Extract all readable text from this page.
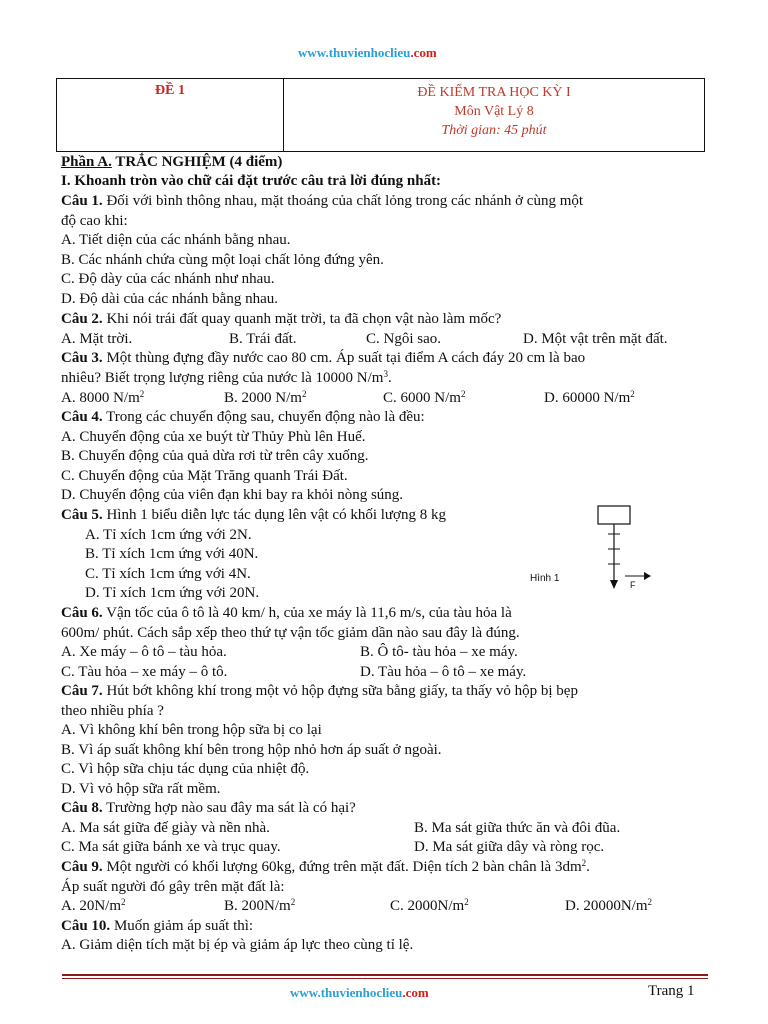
www.thuvienhoclieu.com
ĐỀ 1	ĐỀ KIỂM TRA HỌC KỲ I
Môn Vật Lý 8
Thời gian: 45 phút
Phần A. TRẮC NGHIỆM (4 điểm)
I. Khoanh tròn vào chữ cái đặt trước câu trả lời đúng nhất:
Câu 1. Đối với bình thông nhau, mặt thoáng của chất lỏng trong các nhánh ở cùng một
độ cao khi:
A. Tiết diện của các nhánh bằng nhau.
B. Các nhánh chứa cùng một loại chất lỏng đứng yên.
C. Độ dày của các nhánh như nhau.
D. Độ dài của các nhánh bằng nhau.
Câu 2. Khi nói trái đất quay quanh mặt trời, ta đã chọn vật nào làm mốc?
A. Mặt trời.	B. Trái đất.	C. Ngôi sao.	D. Một vật trên mặt đất.
Câu 3. Một thùng đựng đầy nước cao 80 cm. Áp suất tại điểm A cách đáy 20 cm là bao
nhiêu? Biết trọng lượng riêng của nước là 10000 $N/m^3$.
A. 8000 $N/m^2$	B. 2000 $N/m^2$	C. 6000 $N/m^2$	D. 60000 $N/m^2$
Câu 4. Trong các chuyển động sau, chuyển động nào là đều:
A. Chuyển động của xe buýt từ Thủy Phù lên Huế.
B. Chuyển động của quả dừa rơi từ trên cây xuống.
C. Chuyển động của Mặt Trăng quanh Trái Đất.
D. Chuyển động của viên đạn khi bay ra khỏi nòng súng.
Câu 5. Hình 1 biểu diễn lực tác dụng lên vật có khối lượng 8 kg
A. Tỉ xích 1cm ứng với 2N.
B. Tỉ xích 1cm ứng với 40N.
C. Tỉ xích 1cm ứng với 4N.
D. Tỉ xích 1cm ứng với 20N.
Hình 1
F
Câu 6. Vận tốc của ô tô là 40 km/ h, của xe máy là 11,6 m/s, của tàu hỏa là
600m/ phút. Cách sắp xếp theo thứ tự vận tốc giảm dần nào sau đây là đúng.
A. Xe máy – ô tô – tàu hỏa.	B. Ô tô- tàu hỏa – xe máy.
C. Tàu hỏa – xe máy – ô tô.	D. Tàu hỏa – ô tô – xe máy.
Câu 7. Hút bớt không khí trong một vỏ hộp đựng sữa bằng giấy, ta thấy vỏ hộp bị bẹp
theo nhiều phía ?
A. Vì không khí bên trong hộp sữa bị co lại
B. Vì áp suất không khí bên trong hộp nhỏ hơn áp suất ở ngoài.
C. Vì hộp sữa chịu tác dụng của nhiệt độ.
D. Vì vỏ hộp sữa rất mềm.
Câu 8. Trường hợp nào sau đây ma sát là có hại?
A. Ma sát giữa đế giày và nền nhà.	B. Ma sát giữa thức ăn và đôi đũa.
C. Ma sát giữa bánh xe và trục quay.	D. Ma sát giữa dây và ròng rọc.
Câu 9. Một người có khối lượng 60kg, đứng trên mặt đất. Diện tích 2 bàn chân là $3dm^2$.
Áp suất người đó gây trên mặt đất là:
A. $20N/m^2$	B. $200N/m^2$	C. $2000N/m^2$	D. $20000N/m^2$
Câu 10. Muốn giảm áp suất thì:
A. Giảm diện tích mặt bị ép và giảm áp lực theo cùng tỉ lệ.
www.thuvienhoclieu.com	Trang 1
